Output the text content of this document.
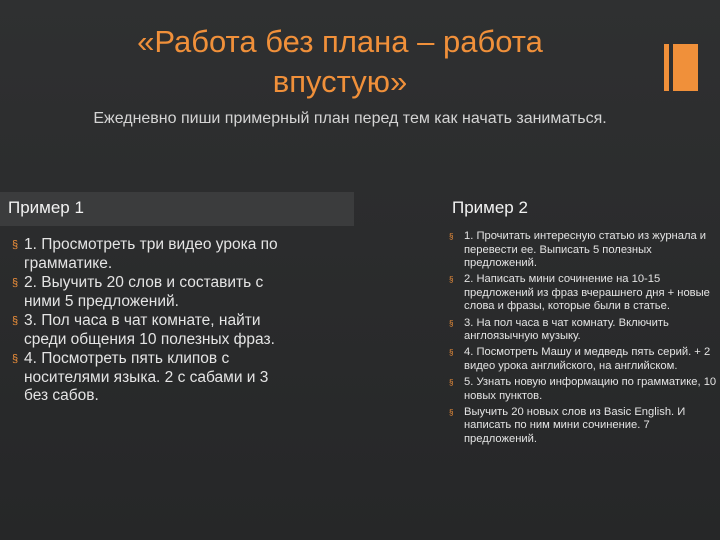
«Работа без плана – работа впустую»
Ежедневно пиши примерный план перед тем как начать заниматься.
Пример 1	Пример 2
§ 1. Просмотреть три видео урока по грамматике.
§ 2. Выучить 20 слов и составить с ними 5 предложений.
§ 3. Пол часа в чат комнате, найти среди общения 10 полезных фраз.
§ 4. Посмотреть пять клипов с носителями языка. 2 с сабами и 3 без сабов.
§ 1. Прочитать интересную статью из журнала и перевести ее. Выписать 5 полезных предложений.
§ 2. Написать мини сочинение на 10-15 предложений из фраз вчерашнего дня + новые слова и фразы, которые были в статье.
§ 3. На пол часа в чат комнату. Включить англоязычную музыку.
§ 4. Посмотреть Машу и медведь пять серий. + 2 видео урока английского, на английском.
§ 5. Узнать новую информацию по грамматике, 10 новых пунктов.
§ Выучить 20 новых слов из Basic English. И написать по ним мини сочинение. 7 предложений.
